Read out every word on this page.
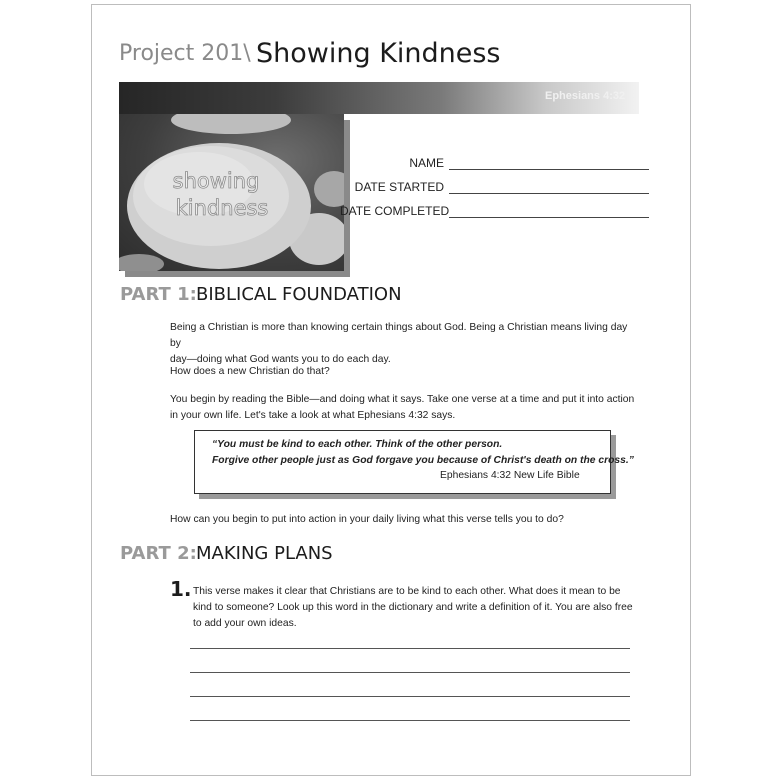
Project 201\ Showing Kindness
Ephesians 4:32
showing
kindness
NAME
DATE STARTED
DATE COMPLETED
PART 1: BIBLICAL FOUNDATION
Being a Christian is more than knowing certain things about God. Being a Christian means living day by
day—doing what God wants you to do each day.
How does a new Christian do that?
You begin by reading the Bible—and doing what it says. Take one verse at a time and put it into action
in your own life. Let's take a look at what Ephesians 4:32 says.
“You must be kind to each other. Think of the other person.
Forgive other people just as God forgave you because of Christ's death on the cross.”
Ephesians 4:32 New Life Bible
How can you begin to put into action in your daily living what this verse tells you to do?
PART 2: MAKING PLANS
1. This verse makes it clear that Christians are to be kind to each other. What does it mean to be
kind to someone? Look up this word in the dictionary and write a definition of it. You are also free
to add your own ideas.
